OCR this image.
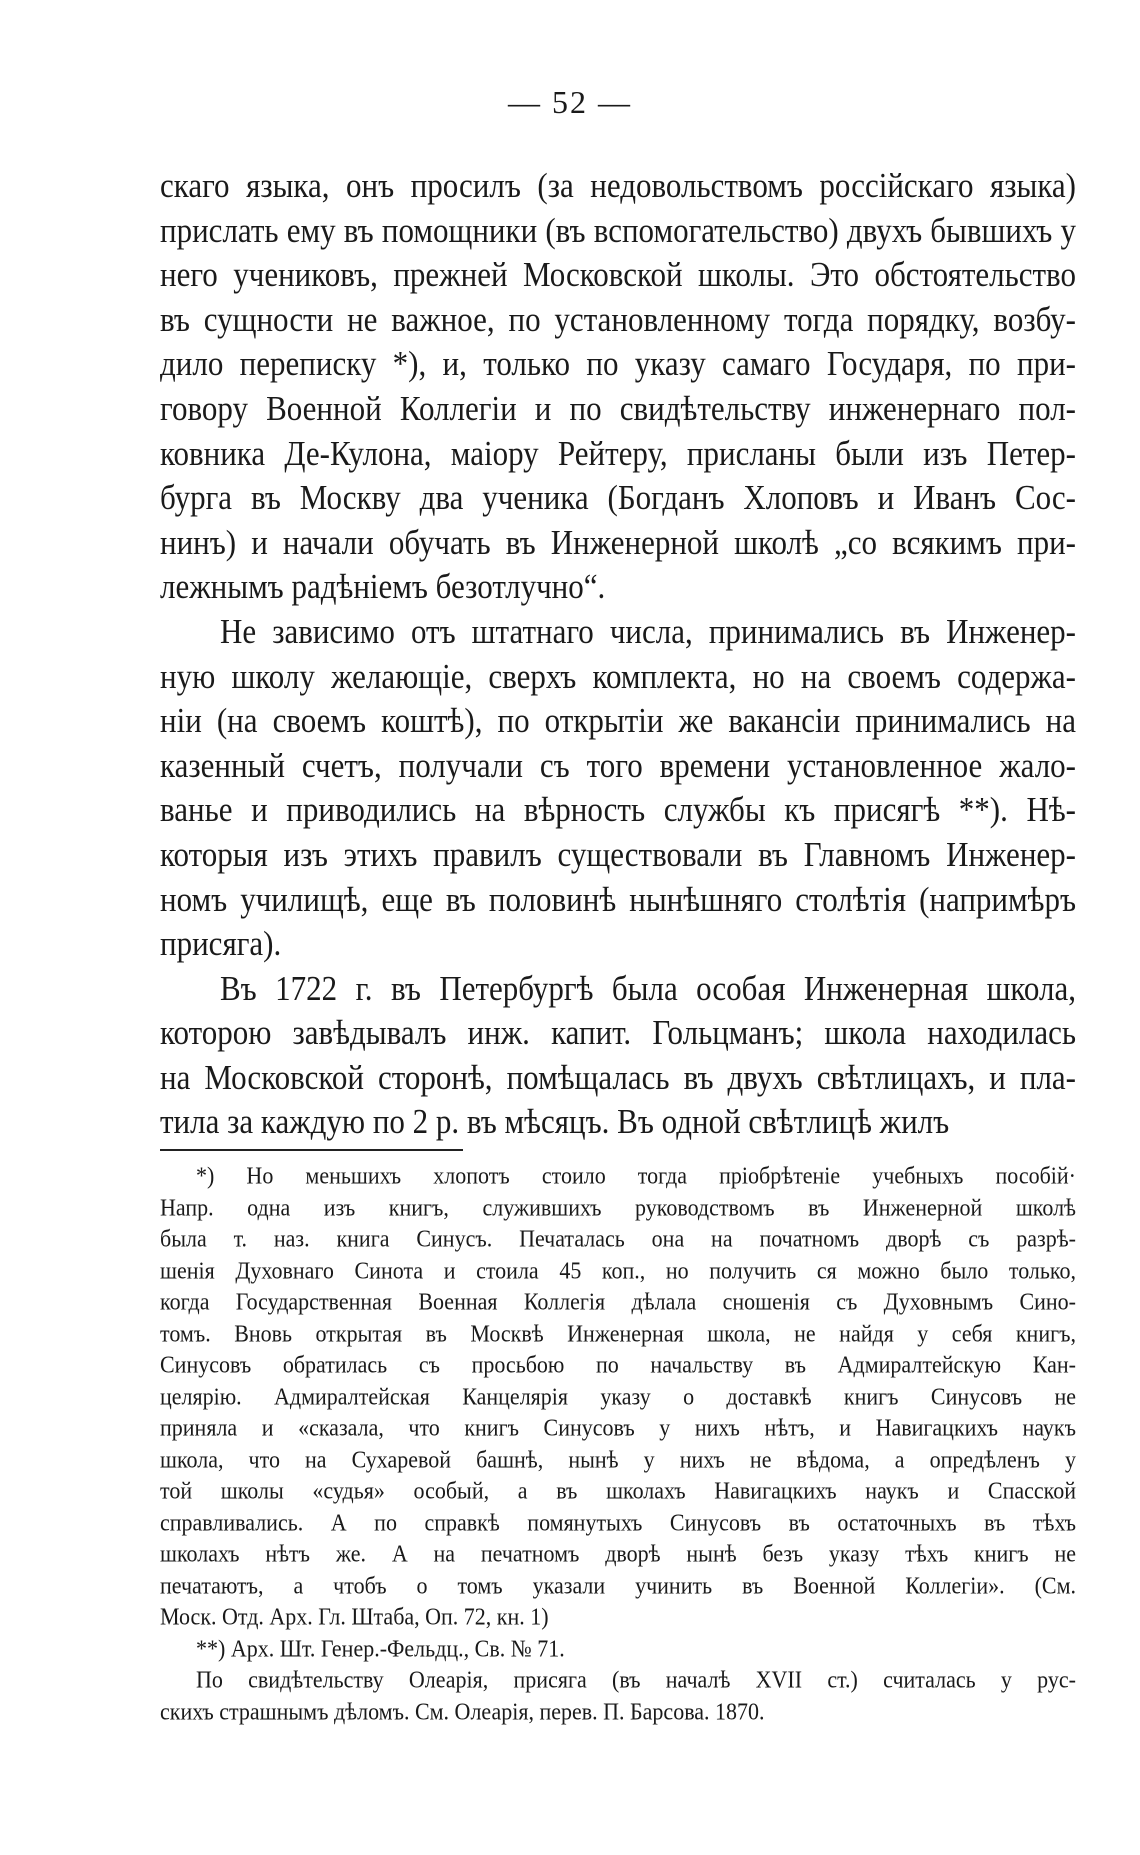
— 52 —
скаго языка, онъ просилъ (за недовольствомъ россійскаго языка)
прислать ему въ помощники (въ вспомогательство) двухъ бывшихъ у
него учениковъ, прежней Московской школы. Это обстоятельство
въ сущности не важное, по установленному тогда порядку, возбу-
дило переписку *), и, только по указу самаго Государя, по при-
говору Военной Коллегіи и по свидѣтельству инженернаго пол-
ковника Де-Кулона, маіору Рейтеру, присланы были изъ Петер-
бурга въ Москву два ученика (Богданъ Хлоповъ и Иванъ Сос-
нинъ) и начали обучать въ Инженерной школѣ „со всякимъ при-
лежнымъ радѣніемъ безотлучно“.
Не зависимо отъ штатнаго числа, принимались въ Инженер-
ную школу желающіе, сверхъ комплекта, но на своемъ содержа-
ніи (на своемъ коштѣ), по открытіи же вакансіи принимались на
казенный счетъ, получали съ того времени установленное жало-
ванье и приводились на вѣрность службы къ присягѣ **). Нѣ-
которыя изъ этихъ правилъ существовали въ Главномъ Инженер-
номъ училищѣ, еще въ половинѣ нынѣшняго столѣтія (напримѣръ
присяга).
Въ 1722 г. въ Петербургѣ была особая Инженерная школа,
которою завѣдывалъ инж. капит. Гольцманъ; школа находилась
на Московской сторонѣ, помѣщалась въ двухъ свѣтлицахъ, и пла-
тила за каждую по 2 р. въ мѣсяцъ. Въ одной свѣтлицѣ жилъ
*) Но меньшихъ хлопотъ стоило тогда пріобрѣтеніе учебныхъ пособій·
Напр. одна изъ книгъ, служившихъ руководствомъ въ Инженерной школѣ
была т. наз. книга Синусъ. Печаталась она на початномъ дворѣ съ разрѣ-
шенія Духовнаго Синота и стоила 45 коп., но получить ся можно было только,
когда Государственная Военная Коллегія дѣлала сношенія съ Духовнымъ Сино-
томъ. Вновь открытая въ Москвѣ Инженерная школа, не найдя у себя книгъ,
Синусовъ обратилась съ просьбою по начальству въ Адмиралтейскую Кан-
целярію. Адмиралтейская Канцелярія указу о доставкѣ книгъ Синусовъ не
приняла и «сказала, что книгъ Синусовъ у нихъ нѣтъ, и Навигацкихъ наукъ
школа, что на Сухаревой башнѣ, нынѣ у нихъ не вѣдома, а опредѣленъ у
той школы «судья» особый, а въ школахъ Навигацкихъ наукъ и Спасской
справливались. А по справкѣ помянутыхъ Синусовъ въ остаточныхъ въ тѣхъ
школахъ нѣтъ же. А на печатномъ дворѣ нынѣ безъ указу тѣхъ книгъ не
печатаютъ, а чтобъ о томъ указали учинить въ Военной Коллегіи». (См.
Моск. Отд. Арх. Гл. Штаба, Оп. 72, кн. 1)
**) Арх. Шт. Генер.-Фельдц., Св. № 71.
По свидѣтельству Олеарія, присяга (въ началѣ XVII ст.) считалась у рус-
скихъ страшнымъ дѣломъ. См. Олеарія, перев. П. Барсова. 1870.
